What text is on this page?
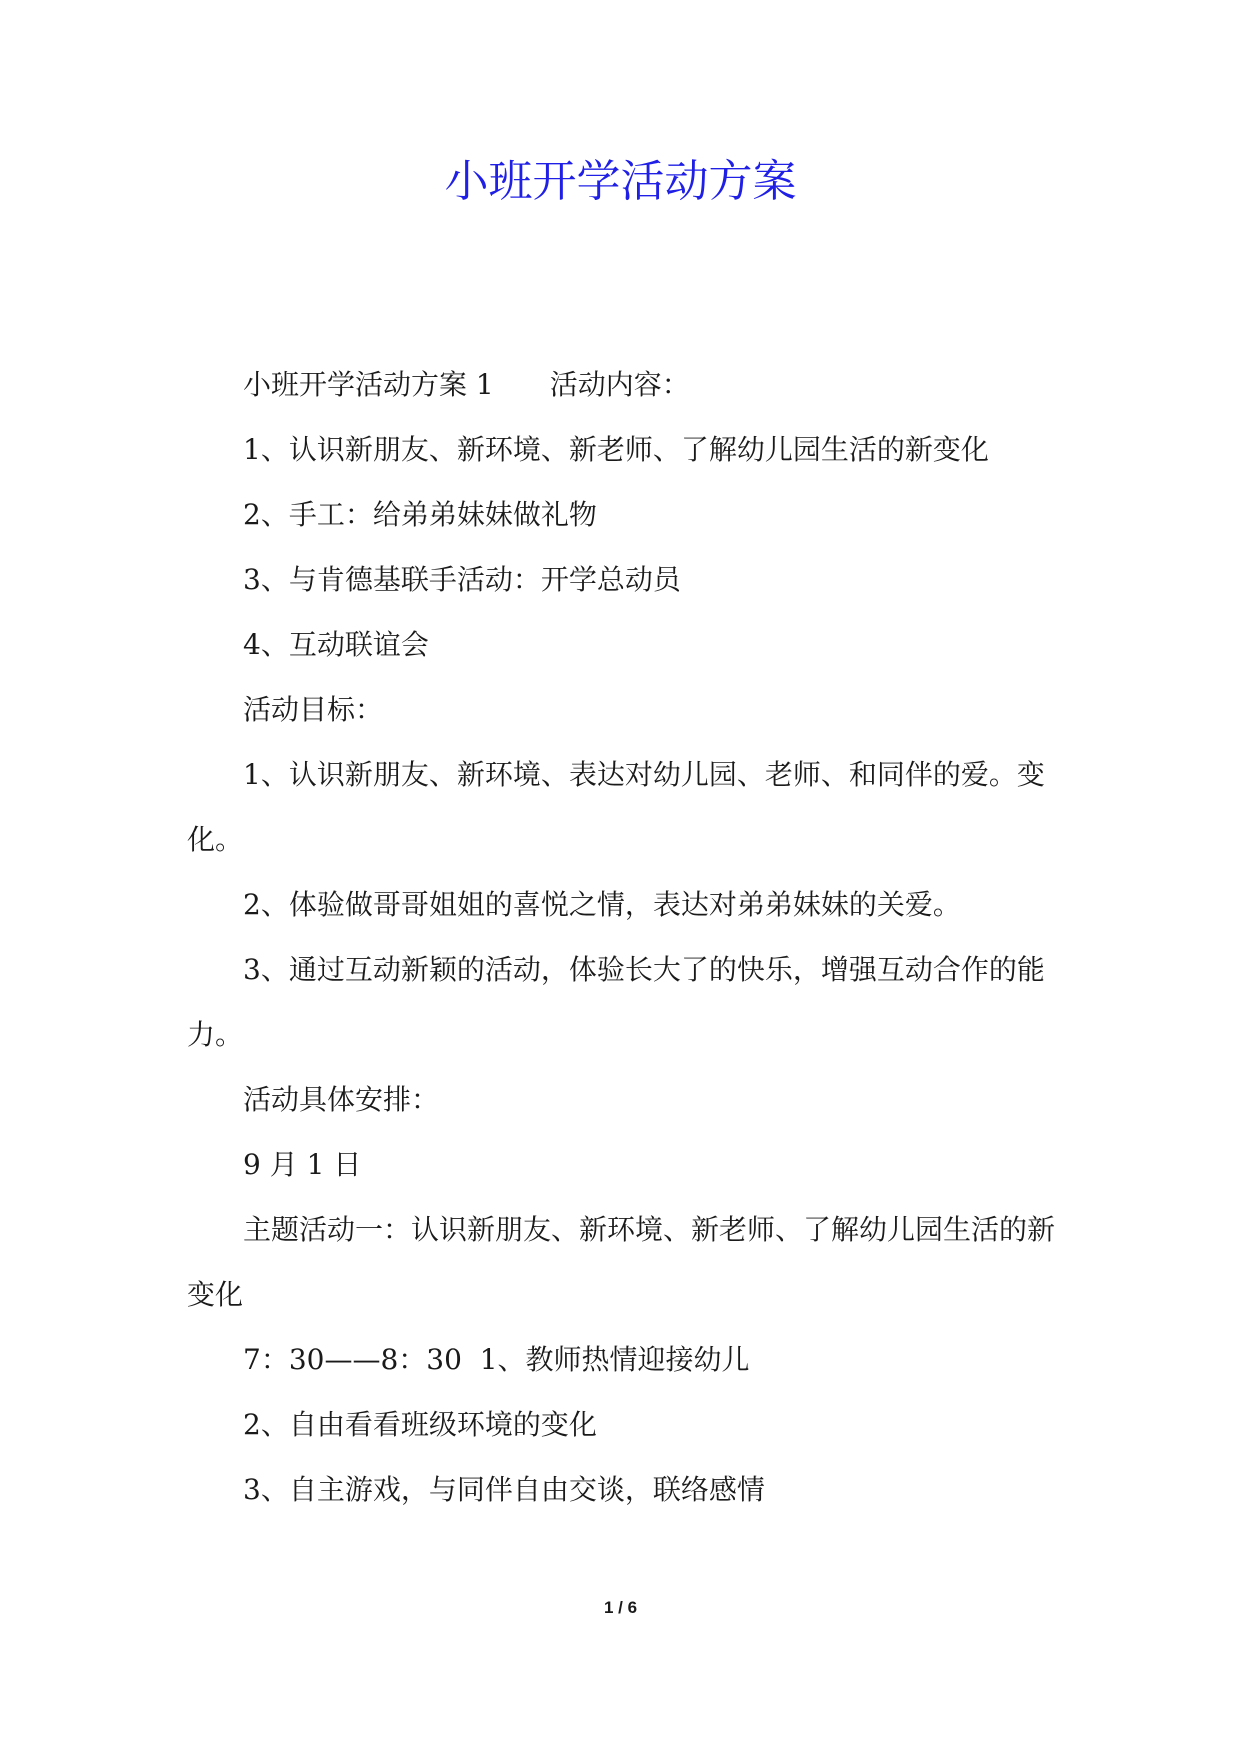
小班开学活动方案

小班开学活动方案 1　　活动内容：

1、认识新朋友、新环境、新老师、了解幼儿园生活的新变化

2、手工：给弟弟妹妹做礼物

3、与肯德基联手活动：开学总动员

4、互动联谊会

活动目标：

1、认识新朋友、新环境、表达对幼儿园、老师、和同伴的爱。变化。

2、体验做哥哥姐姐的喜悦之情，表达对弟弟妹妹的关爱。

3、通过互动新颖的活动，体验长大了的快乐，增强互动合作的能力。

活动具体安排：

9 月 1 日

主题活动一：认识新朋友、新环境、新老师、了解幼儿园生活的新变化

7：30——8：30  1、教师热情迎接幼儿

2、自由看看班级环境的变化

3、自主游戏，与同伴自由交谈，联络感情

1 / 6
